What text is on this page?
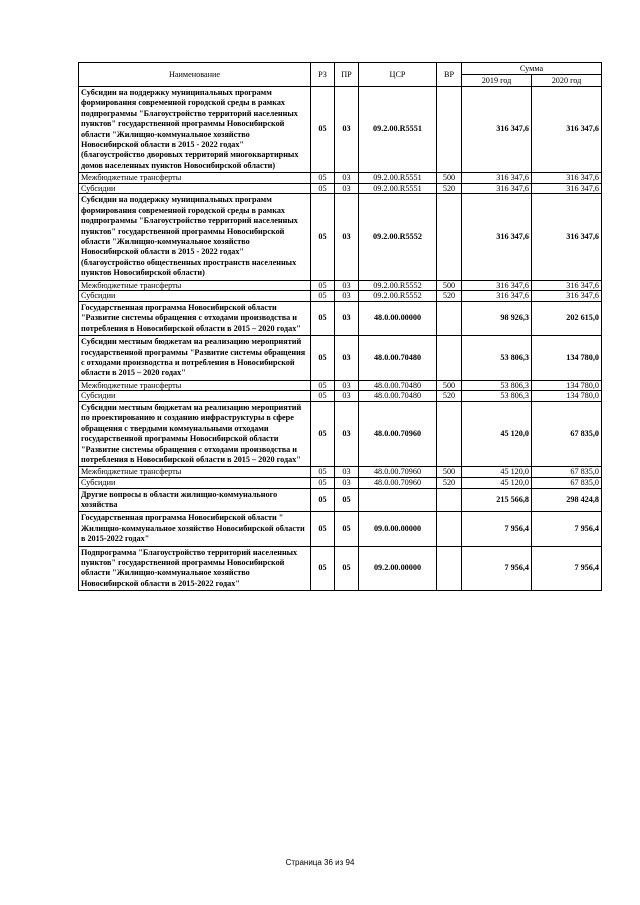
Наименование	РЗ	ПР	ЦСР	ВР	Сумма	
					2019 год	2020 год
Субсидии на поддержку муниципальных программ формирования современной городской среды в рамках подпрограммы "Благоустройство территорий населенных пунктов" государственной программы Новосибирской области "Жилищно-коммунальное хозяйство Новосибирской области в 2015 - 2022 годах" (благоустройство дворовых территорий многоквартирных домов населенных пунктов Новосибирской области)	05	03	09.2.00.R5551		316 347,6	316 347,6
Межбюджетные трансферты	05	03	09.2.00.R5551	500	316 347,6	316 347,6
Субсидии	05	03	09.2.00.R5551	520	316 347,6	316 347,6
Субсидии на поддержку муниципальных программ формирования современной городской среды в рамках подпрограммы "Благоустройство территорий населенных пунктов" государственной программы Новосибирской области "Жилищно-коммунальное хозяйство Новосибирской области в 2015 - 2022 годах" (благоустройство общественных пространств населенных пунктов Новосибирской области)	05	03	09.2.00.R5552		316 347,6	316 347,6
Межбюджетные трансферты	05	03	09.2.00.R5552	500	316 347,6	316 347,6
Субсидии	05	03	09.2.00.R5552	520	316 347,6	316 347,6
Государственная программа Новосибирской области "Развитие системы обращения с отходами производства и потребления в Новосибирской области в 2015 – 2020 годах"	05	03	48.0.00.00000		98 926,3	202 615,0
Субсидии местным бюджетам на реализацию мероприятий государственной программы "Развитие системы обращения с отходами производства и потребления в Новосибирской области в 2015 – 2020 годах"	05	03	48.0.00.70480		53 806,3	134 780,0
Межбюджетные трансферты	05	03	48.0.00.70480	500	53 806,3	134 780,0
Субсидии	05	03	48.0.00.70480	520	53 806,3	134 780,0
Субсидии местным бюджетам на реализацию мероприятий по проектированию и созданию инфраструктуры в сфере обращения с твердыми коммунальными отходами государственной программы Новосибирской области "Развитие системы обращения с отходами производства и потребления в Новосибирской области в 2015 – 2020 годах"	05	03	48.0.00.70960		45 120,0	67 835,0
Межбюджетные трансферты	05	03	48.0.00.70960	500	45 120,0	67 835,0
Субсидии	05	03	48.0.00.70960	520	45 120,0	67 835,0
Другие вопросы в области жилищно-коммунального хозяйства	05	05			215 566,8	298 424,8
Государственная программа Новосибирской области " Жилищно-коммунальное хозяйство Новосибирской области в 2015-2022 годах"	05	05	09.0.00.00000		7 956,4	7 956,4
Подпрограмма "Благоустройство территорий населенных пунктов" государственной программы Новосибирской области "Жилищно-коммунальное хозяйство Новосибирской области в 2015-2022 годах"	05	05	09.2.00.00000		7 956,4	7 956,4
Страница 36 из 94
